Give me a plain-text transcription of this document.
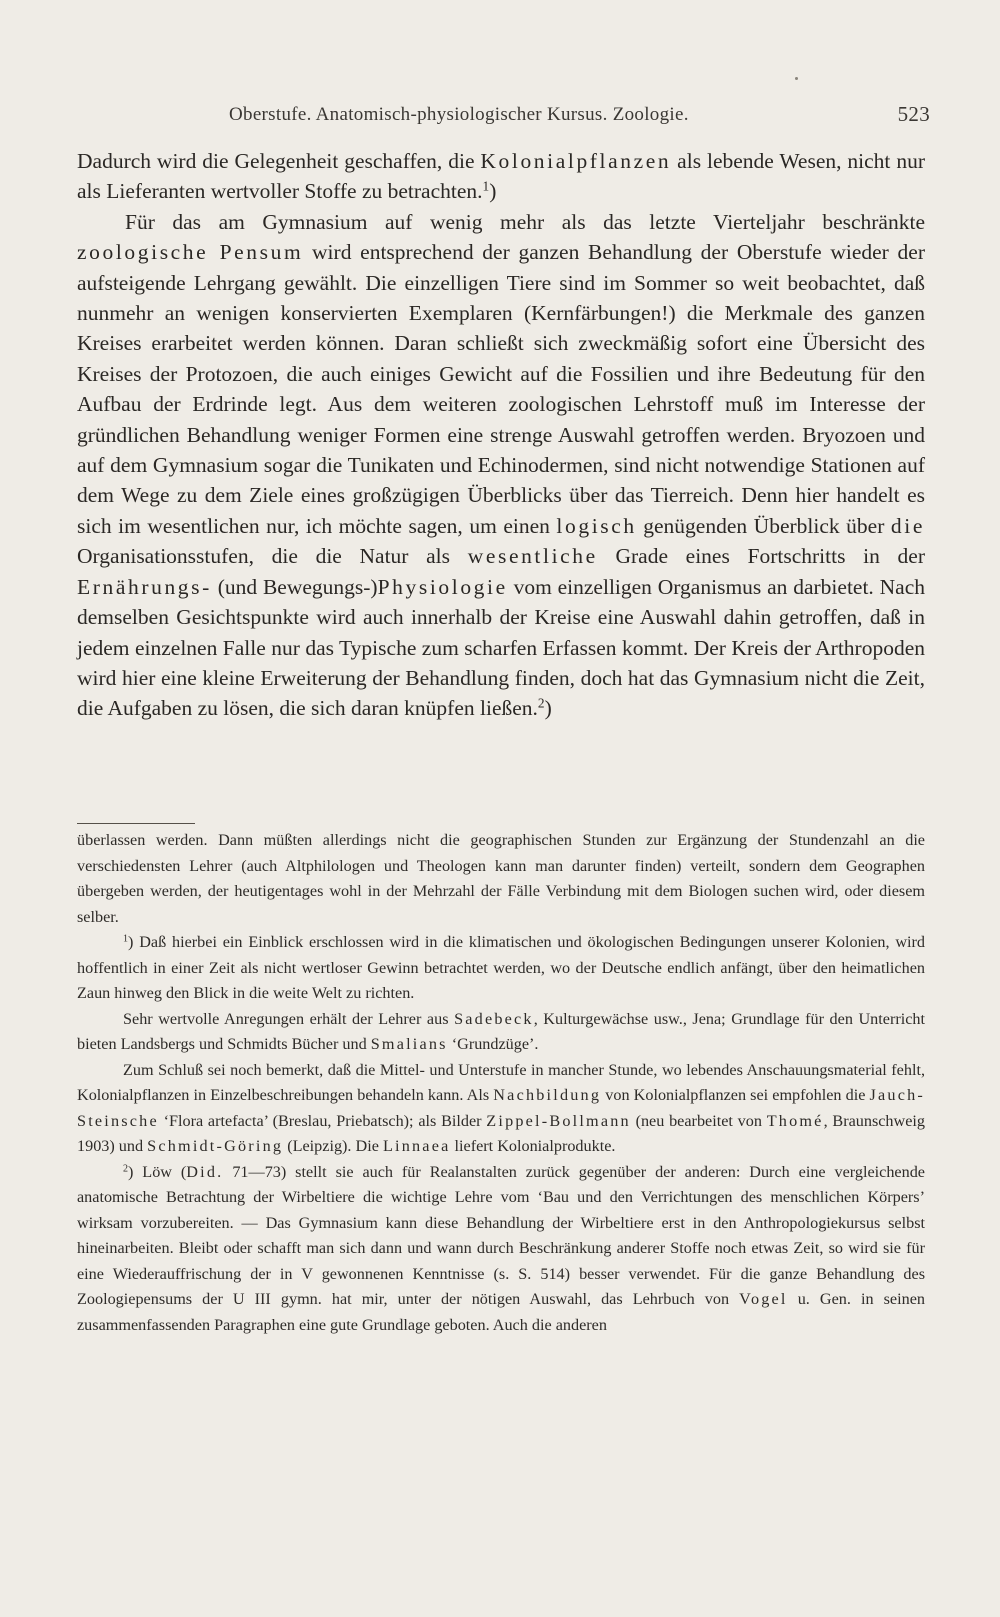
Oberstufe. Anatomisch-physiologischer Kursus. Zoologie.	523

Dadurch wird die Gelegenheit geschaffen, die Kolonialpflanzen als lebende Wesen, nicht nur als Lieferanten wertvoller Stoffe zu betrachten.$^1$)

Für das am Gymnasium auf wenig mehr als das letzte Vierteljahr beschränkte zoologische Pensum wird entsprechend der ganzen Behandlung der Oberstufe wieder der aufsteigende Lehrgang gewählt. Die einzelligen Tiere sind im Sommer so weit beobachtet, daß nunmehr an wenigen konservierten Exemplaren (Kernfärbungen!) die Merkmale des ganzen Kreises erarbeitet werden können. Daran schließt sich zweckmäßig sofort eine Übersicht des Kreises der Protozoen, die auch einiges Gewicht auf die Fossilien und ihre Bedeutung für den Aufbau der Erdrinde legt. Aus dem weiteren zoologischen Lehrstoff muß im Interesse der gründlichen Behandlung weniger Formen eine strenge Auswahl getroffen werden. Bryozoen und auf dem Gymnasium sogar die Tunikaten und Echinodermen, sind nicht notwendige Stationen auf dem Wege zu dem Ziele eines großzügigen Überblicks über das Tierreich. Denn hier handelt es sich im wesentlichen nur, ich möchte sagen, um einen logisch genügenden Überblick über die Organisationsstufen, die die Natur als wesentliche Grade eines Fortschritts in der Ernährungs- (und Bewegungs-)Physiologie vom einzelligen Organismus an darbietet. Nach demselben Gesichtspunkte wird auch innerhalb der Kreise eine Auswahl dahin getroffen, daß in jedem einzelnen Falle nur das Typische zum scharfen Erfassen kommt. Der Kreis der Arthropoden wird hier eine kleine Erweiterung der Behandlung finden, doch hat das Gymnasium nicht die Zeit, die Aufgaben zu lösen, die sich daran knüpfen ließen.$^2$)

überlassen werden. Dann müßten allerdings nicht die geographischen Stunden zur Ergänzung der Stundenzahl an die verschiedensten Lehrer (auch Altphilologen und Theologen kann man darunter finden) verteilt, sondern dem Geographen übergeben werden, der heutigentages wohl in der Mehrzahl der Fälle Verbindung mit dem Biologen suchen wird, oder diesem selber.

$^1$) Daß hierbei ein Einblick erschlossen wird in die klimatischen und ökologischen Bedingungen unserer Kolonien, wird hoffentlich in einer Zeit als nicht wertloser Gewinn betrachtet werden, wo der Deutsche endlich anfängt, über den heimatlichen Zaun hinweg den Blick in die weite Welt zu richten.

Sehr wertvolle Anregungen erhält der Lehrer aus Sadebeck, Kulturgewächse usw., Jena; Grundlage für den Unterricht bieten Landsbergs und Schmidts Bücher und Smalians ‘Grundzüge’.

Zum Schluß sei noch bemerkt, daß die Mittel- und Unterstufe in mancher Stunde, wo lebendes Anschauungsmaterial fehlt, Kolonialpflanzen in Einzelbeschreibungen behandeln kann. Als Nachbildung von Kolonialpflanzen sei empfohlen die Jauch-Steinsche ‘Flora artefacta’ (Breslau, Priebatsch); als Bilder Zippel-Bollmann (neu bearbeitet von Thomé, Braunschweig 1903) und Schmidt-Göring (Leipzig). Die Linnaea liefert Kolonialprodukte.

$^2$) Löw (Did. 71—73) stellt sie auch für Realanstalten zurück gegenüber der anderen: Durch eine vergleichende anatomische Betrachtung der Wirbeltiere die wichtige Lehre vom ‘Bau und den Verrichtungen des menschlichen Körpers’ wirksam vorzubereiten. — Das Gymnasium kann diese Behandlung der Wirbeltiere erst in den Anthropologiekursus selbst hineinarbeiten. Bleibt oder schafft man sich dann und wann durch Beschränkung anderer Stoffe noch etwas Zeit, so wird sie für eine Wiederauffrischung der in V gewonnenen Kenntnisse (s. S. 514) besser verwendet. Für die ganze Behandlung des Zoologiepensums der U III gymn. hat mir, unter der nötigen Auswahl, das Lehrbuch von Vogel u. Gen. in seinen zusammenfassenden Paragraphen eine gute Grundlage geboten. Auch die anderen
